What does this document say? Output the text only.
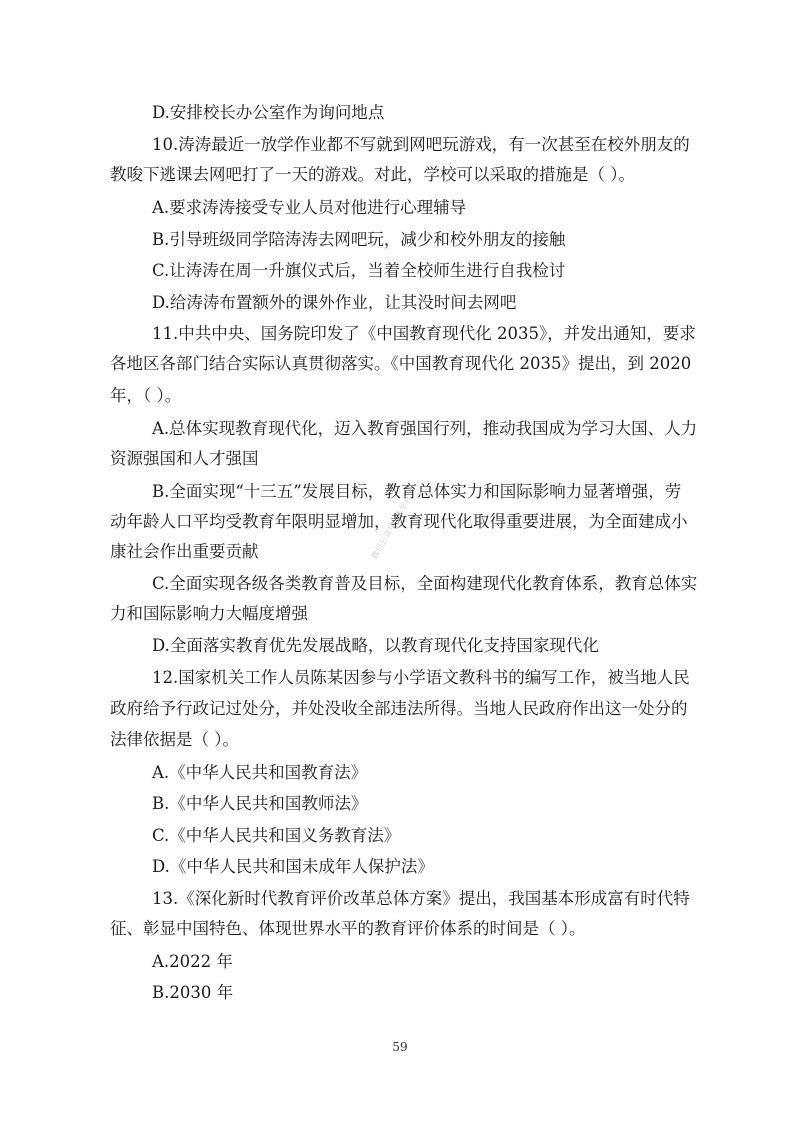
D.安排校长办公室作为询问地点
10.涛涛最近一放学作业都不写就到网吧玩游戏，有一次甚至在校外朋友的
教唆下逃课去网吧打了一天的游戏。对此，学校可以采取的措施是（ ）。
A.要求涛涛接受专业人员对他进行心理辅导
B.引导班级同学陪涛涛去网吧玩，减少和校外朋友的接触
C.让涛涛在周一升旗仪式后，当着全校师生进行自我检讨
D.给涛涛布置额外的课外作业，让其没时间去网吧
11.中共中央、国务院印发了《中国教育现代化 2035》，并发出通知，要求
各地区各部门结合实际认真贯彻落实。《中国教育现代化 2035》提出，到 2020
年，（ ）。
A.总体实现教育现代化，迈入教育强国行列，推动我国成为学习大国、人力
资源强国和人才强国
B.全面实现“十三五”发展目标，教育总体实力和国际影响力显著增强，劳
动年龄人口平均受教育年限明显增加，教育现代化取得重要进展，为全面建成小
康社会作出重要贡献
C.全面实现各级各类教育普及目标，全面构建现代化教育体系，教育总体实
力和国际影响力大幅度增强
D.全面落实教育优先发展战略，以教育现代化支持国家现代化
12.国家机关工作人员陈某因参与小学语文教科书的编写工作，被当地人民
政府给予行政记过处分，并处没收全部违法所得。当地人民政府作出这一处分的
法律依据是（ ）。
A.《中华人民共和国教育法》
B.《中华人民共和国教师法》
C.《中华人民共和国义务教育法》
D.《中华人民共和国未成年人保护法》
13.《深化新时代教育评价改革总体方案》提出，我国基本形成富有时代特
征、彰显中国特色、体现世界水平的教育评价体系的时间是（ ）。
A.2022 年
B.2030 年
微信公众号 · 本学社
59
